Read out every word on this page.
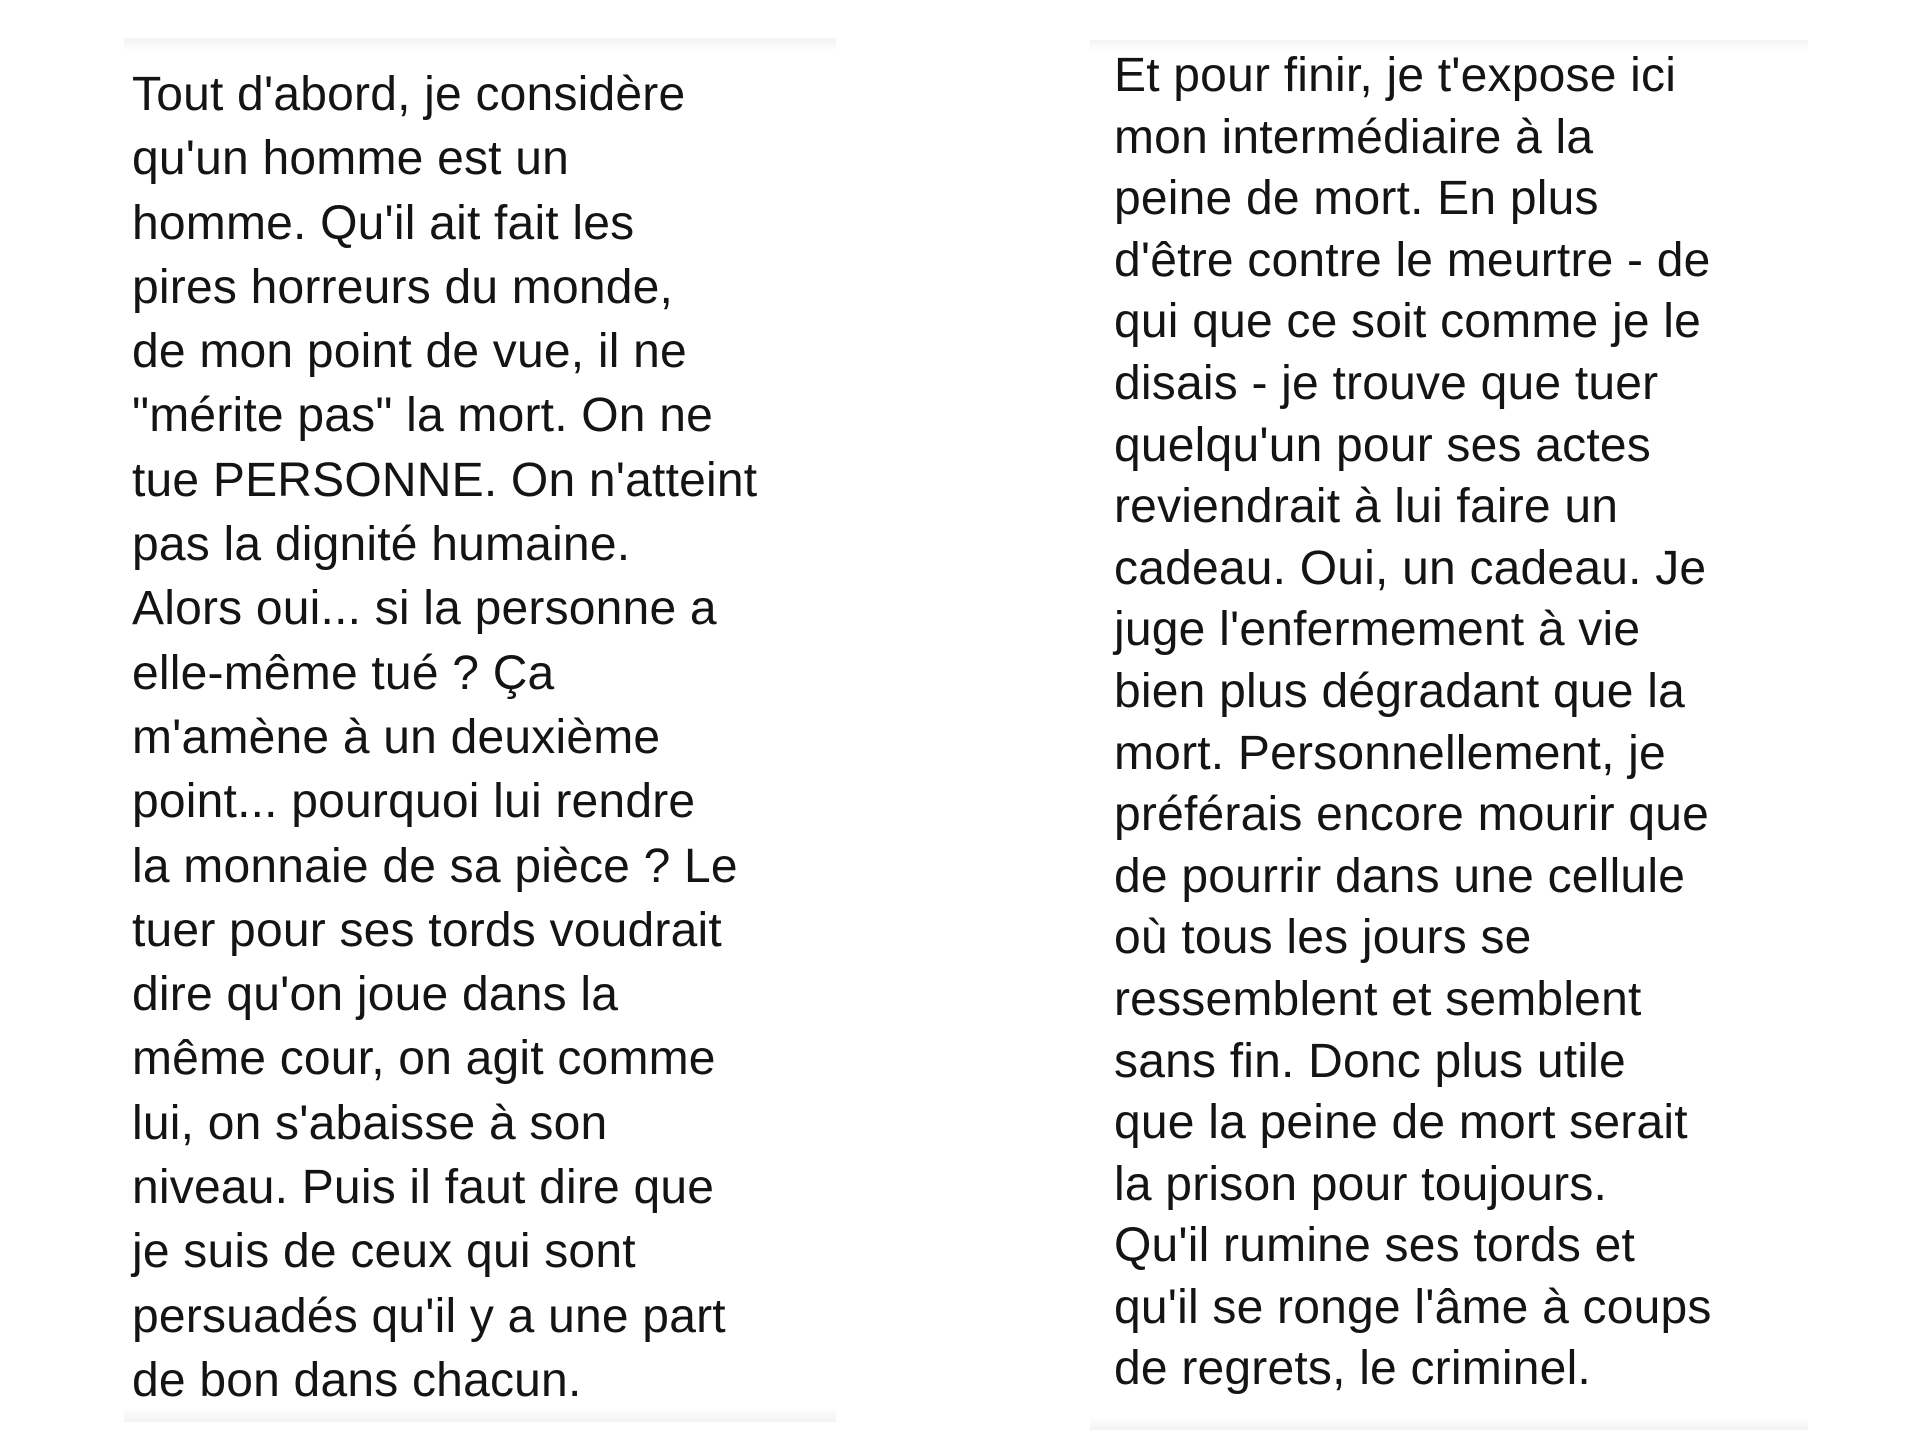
Tout d'abord, je considère
qu'un homme est un
homme. Qu'il ait fait les
pires horreurs du monde,
de mon point de vue, il ne
"mérite pas" la mort. On ne
tue PERSONNE. On n'atteint
pas la dignité humaine.
Alors oui... si la personne a
elle-même tué ? Ça
m'amène à un deuxième
point... pourquoi lui rendre
la monnaie de sa pièce ? Le
tuer pour ses tords voudrait
dire qu'on joue dans la
même cour, on agit comme
lui, on s'abaisse à son
niveau. Puis il faut dire que
je suis de ceux qui sont
persuadés qu'il y a une part
de bon dans chacun.
Et pour finir, je t'expose ici
mon intermédiaire à la
peine de mort. En plus
d'être contre le meurtre - de
qui que ce soit comme je le
disais - je trouve que tuer
quelqu'un pour ses actes
reviendrait à lui faire un
cadeau. Oui, un cadeau. Je
juge l'enfermement à vie
bien plus dégradant que la
mort. Personnellement, je
préférais encore mourir que
de pourrir dans une cellule
où tous les jours se
ressemblent et semblent
sans fin. Donc plus utile
que la peine de mort serait
la prison pour toujours.
Qu'il rumine ses tords et
qu'il se ronge l'âme à coups
de regrets, le criminel.
